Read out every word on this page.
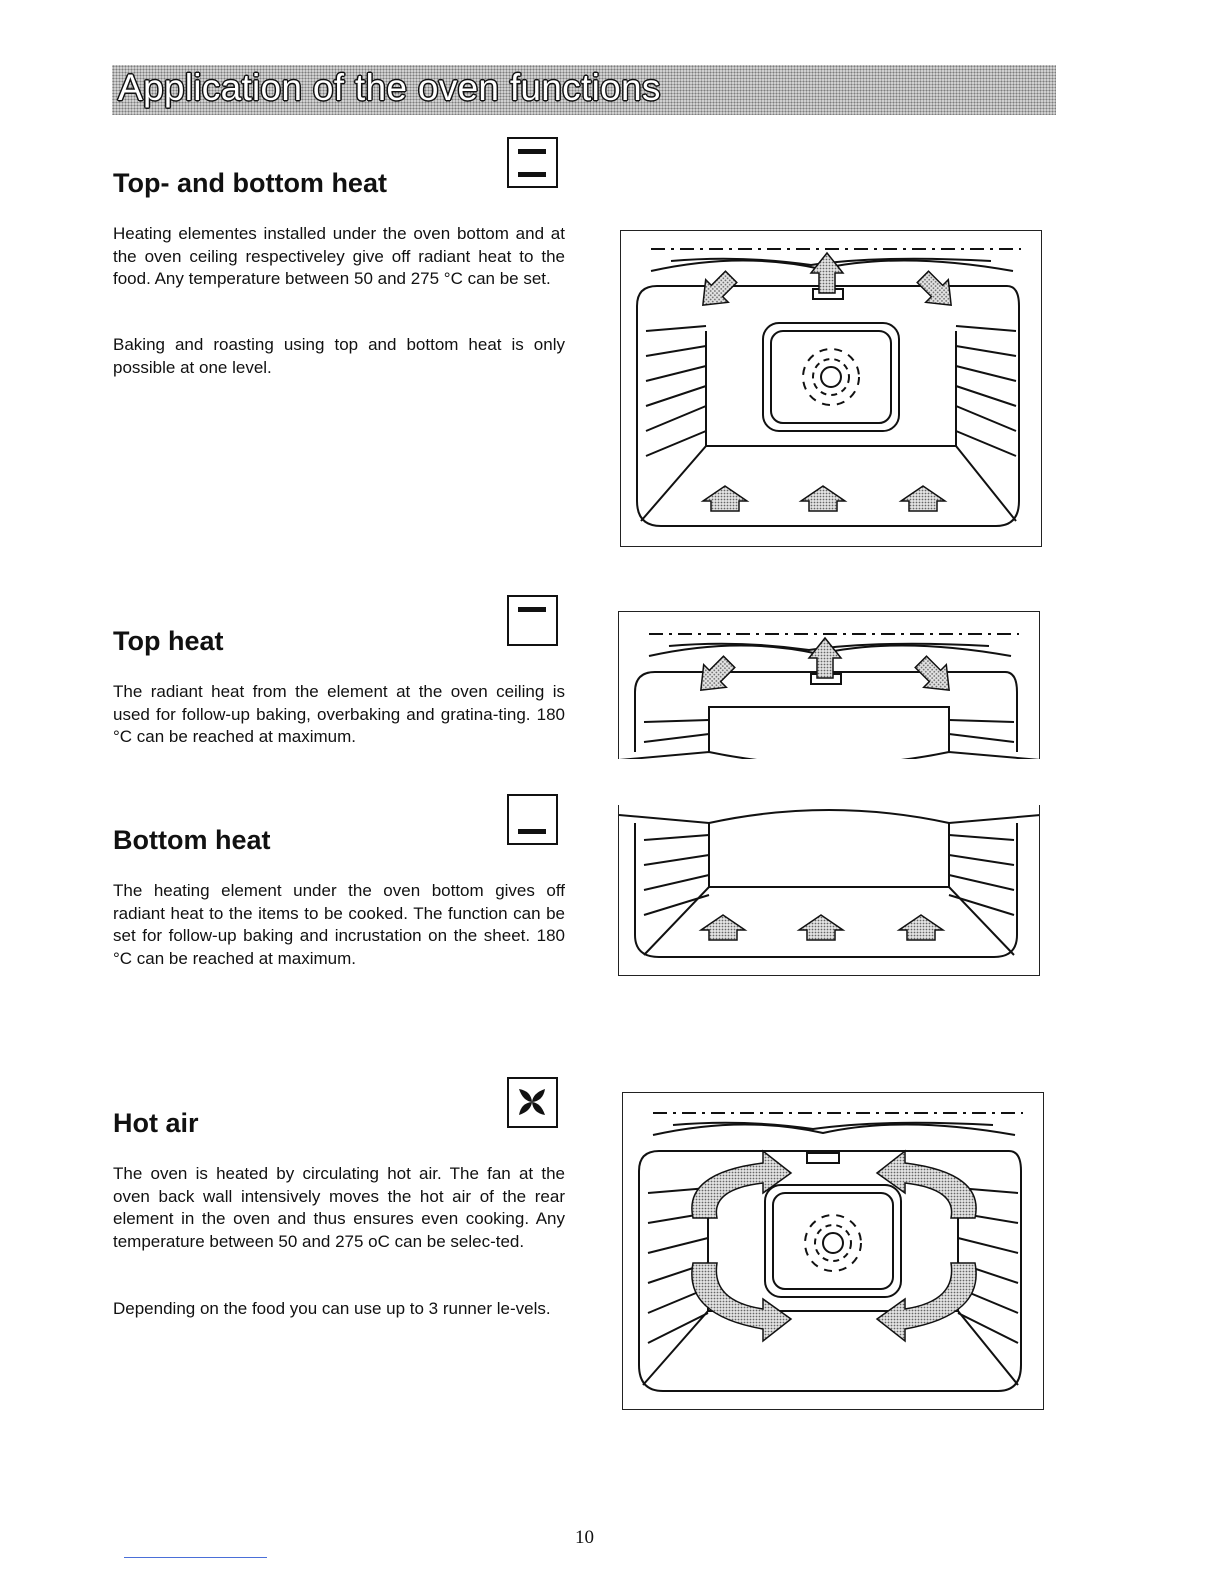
Application of the oven functions
Top- and bottom heat
Heating elementes installed under the oven bottom and at the oven ceiling respectiveley give off radiant heat to the food. Any temperature between 50 and 275 °C can be set.
Baking and roasting using top and bottom heat is only possible at one level.
Top heat
The radiant heat from the element at the oven ceiling is used for follow-up baking, overbaking and gratina-ting. 180 °C can be reached at maximum.
Bottom heat
The heating element under the oven bottom gives off radiant heat to the items to be cooked. The function can be set for follow-up baking and incrustation on the sheet. 180 °C can be reached at maximum.
Hot air
The oven is heated by circulating hot air. The fan at the oven back wall intensively moves the hot air of the rear element in the oven and thus ensures even cooking. Any temperature between 50 and 275 oC can be selec-ted.
Depending on the food you can use up to 3 runner le-vels.
10
